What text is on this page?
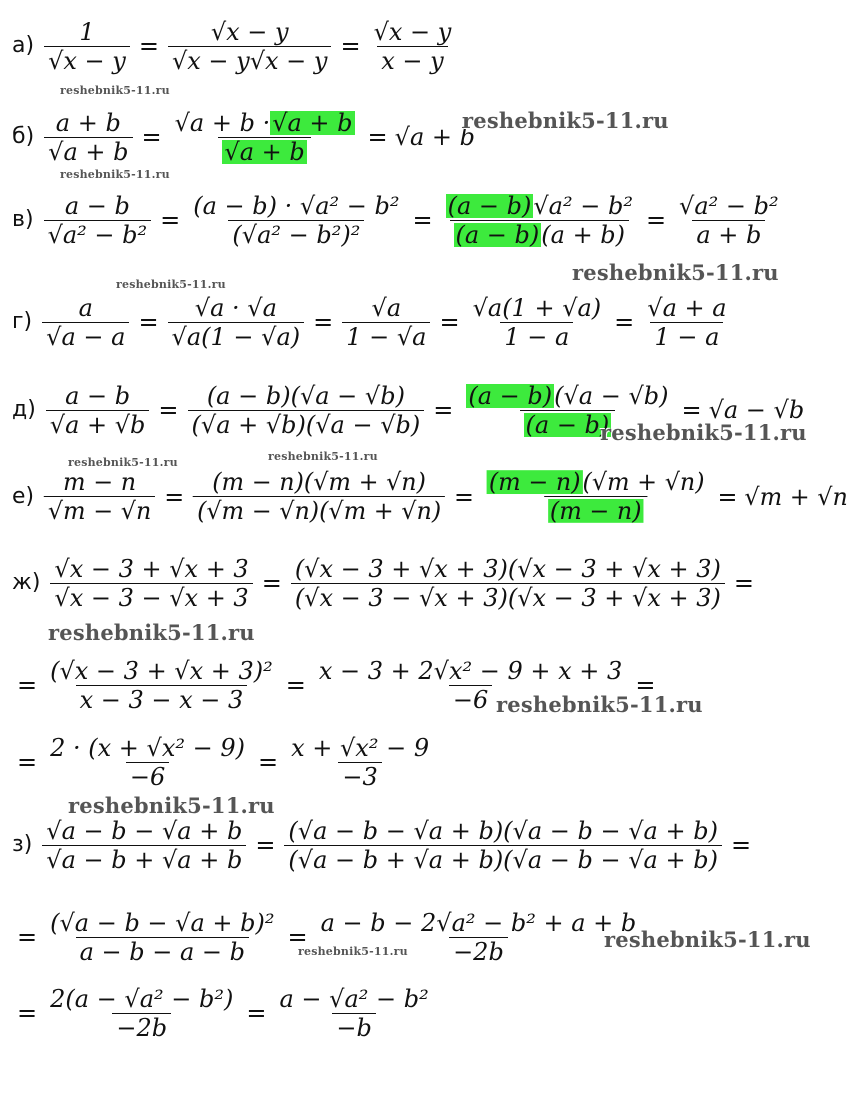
$а) \frac{1}{√x - y} = \frac{√x - y}{√x - y√x - y} = \frac{√x - y}{x - y}$
$б) \frac{a + b}{√a + b} = \frac{√a + b \cdot √a + b}{√a + b} = √a + b$
$в) \frac{a - b}{\text{√a² − b²}} = \frac{\text{(a − b) · √a² − b²}}{\text{(√a² − b²)²}} = \frac{\text{(a − b) √a² − b²}}{(a - b) (a + b)} = \frac{\text{√a² − b²}}{a + b}$
$г) \frac{a}{√a - a} = \frac{√a \cdot √a}{√a(1 - √a)} = \frac{√a}{1 - √a} = \frac{√a(1 + √a)}{1 - a} = \frac{√a + a}{1 - a}$
$д) \frac{a - b}{√a + √b} = \frac{(a - b)(√a - √b)}{(√a + √b)(√a - √b)} = \frac{(a - b) (√a - √b)}{(a - b)} = √a - √b$
$е) \frac{m - n}{√m - √n} = \frac{(m - n)(√m + √n)}{(√m - √n)(√m + √n)} = \frac{(m - n) (√m + √n)}{(m - n)} = √m + √n$
$ж) \frac{√x - 3 + √x + 3}{√x - 3 - √x + 3} = \frac{(√x - 3 + √x + 3)(√x - 3 + √x + 3)}{(√x - 3 - √x + 3)(√x - 3 + √x + 3)}$ =
= $\frac{\text{(√x − 3 + √x + 3)²}}{x - 3 - x - 3} = \frac{\text{x − 3 + 2√x² − 9 + x + 3}}{-6}$ =
= $\frac{\text{2 · (x + √x² − 9)}}{-6} = \frac{\text{x + √x² − 9}}{-3}$
$з) \frac{√a - b - √a + b}{√a - b + √a + b} = \frac{(√a - b - √a + b)(√a - b - √a + b)}{(√a - b + √a + b)(√a - b - √a + b)}$ =
= $\frac{\text{(√a − b − √a + b)²}}{a - b - a - b} = \frac{\text{a − b − 2√a² − b² + a + b}}{-2b}$
= $\frac{\text{2(a − √a² − b²)}}{-2b} = \frac{\text{a − √a² − b²}}{-b}$
reshebnik5-11.ru
reshebnik5-11.ru
reshebnik5-11.ru
reshebnik5-11.ru
reshebnik5-11.ru
reshebnik5-11.ru
reshebnik5-11.ru	reshebnik5-11.ru
reshebnik5-11.ru
reshebnik5-11.ru
reshebnik5-11.ru
reshebnik5-11.ru	reshebnik5-11.ru
